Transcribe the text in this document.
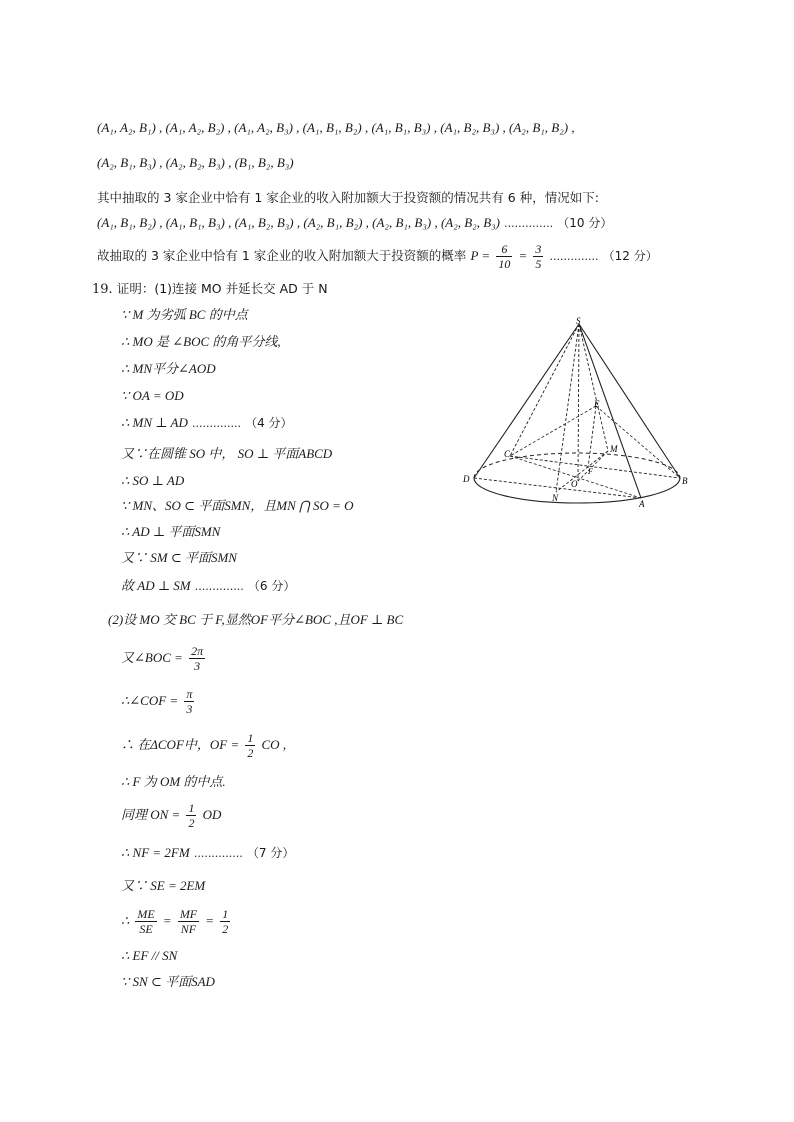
(A₁, A₂, B₁) , (A₁, A₂, B₂) , (A₁, A₂, B₃) , (A₁, B₁, B₂) , (A₁, B₁, B₃) , (A₁, B₂, B₃) , (A₂, B₁, B₂) ,
(A₂, B₁, B₃) , (A₂, B₂, B₃) , (B₁, B₂, B₃)
其中抽取的 3 家企业中恰有 1 家企业的收入附加额大于投资额的情况共有 6 种，情况如下:
(A₁, B₁, B₂) , (A₁, B₁, B₃) , (A₁, B₂, B₃) , (A₂, B₁, B₂) , (A₂, B₁, B₃) , (A₂, B₂, B₃) .............. （10 分）
故抽取的 3 家企业中恰有 1 家企业的收入附加额大于投资额的概率 $P = \frac{6}{10} = \frac{3}{5}$ .............. （12 分）
19. 证明：(1)连接 MO 并延长交 AD 于 N
∵ M 为劣弧 BC 的中点
∴ MO 是 ∠BOC 的角平分线,
∴ MN平分∠AOD
∵ OA = OD
∴ MN ⊥ AD .............. （4 分）
又∵在圆锥 SO 中， SO ⊥ 平面ABCD
∴ SO ⊥ AD
∵ MN、SO ⊂ 平面SMN，且MN ⋂ SO = O
∴ AD ⊥ 平面SMN
又∵ SM ⊂ 平面SMN
故 AD ⊥ SM .............. （6 分）
(2)设 MO 交 BC 于 F,显然OF平分∠BOC ,且OF ⊥ BC
又∠BOC = $\frac{2\pi}{3}$
∴∠COF = $\frac{\pi}{3}$
∴ 在ΔCOF中，OF = $\frac{1}{2}$ CO ,
∴ F 为 OM 的中点.
同理 ON = $\frac{1}{2}$ OD
∴ NF = 2FM .............. （7 分）
又∵ SE = 2EM
∴ $\frac{ME}{SE} = \frac{MF}{NF} = \frac{1}{2}$
∴ EF // SN
∵ SN ⊂ 平面SAD
S
E
C	M
F
O
D	B
N
A
